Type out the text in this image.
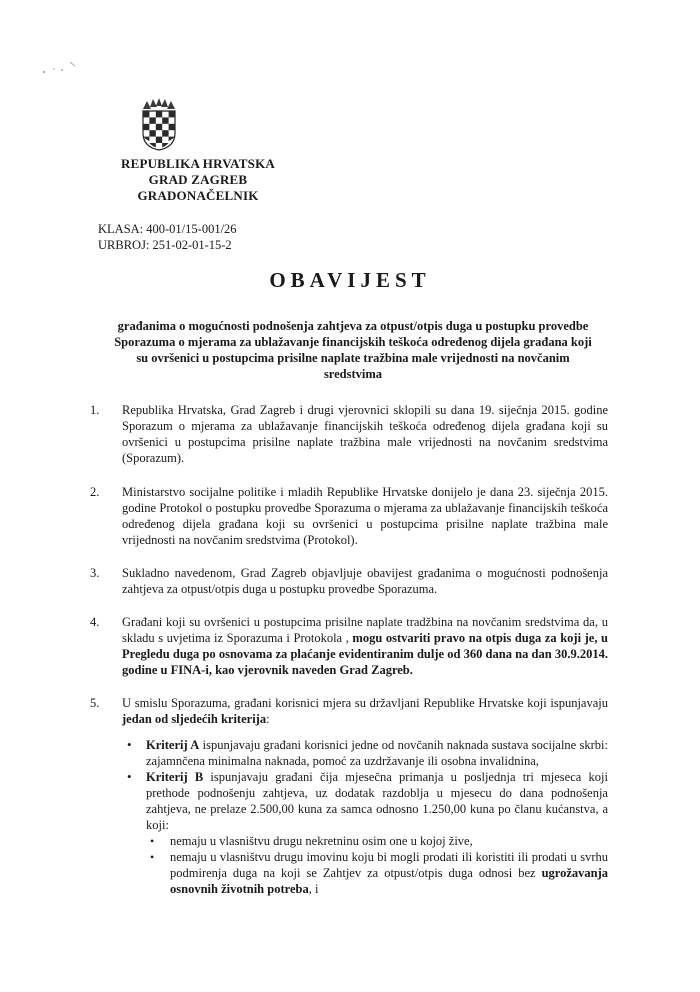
REPUBLIKA HRVATSKA
GRAD ZAGREB
GRADONAČELNIK
KLASA: 400-01/15-001/26
URBROJ: 251-02-01-15-2
OBAVIJEST
građanima o mogućnosti podnošenja zahtjeva za otpust/otpis duga u postupku provedbe Sporazuma o mjerama za ublažavanje financijskih teškoća određenog dijela građana koji su ovršenici u postupcima prisilne naplate tražbina male vrijednosti na novčanim sredstvima
1. Republika Hrvatska, Grad Zagreb i drugi vjerovnici sklopili su dana 19. siječnja 2015. godine Sporazum o mjerama za ublažavanje financijskih teškoća određenog dijela građana koji su ovršenici u postupcima prisilne naplate tražbina male vrijednosti na novčanim sredstvima (Sporazum).
2. Ministarstvo socijalne politike i mladih Republike Hrvatske donijelo je dana 23. siječnja 2015. godine Protokol o postupku provedbe Sporazuma o mjerama za ublažavanje financijskih teškoća određenog dijela građana koji su ovršenici u postupcima prisilne naplate tražbina male vrijednosti na novčanim sredstvima (Protokol).
3. Sukladno navedenom, Grad Zagreb objavljuje obavijest građanima o mogućnosti podnošenja zahtjeva za otpust/otpis duga u postupku provedbe Sporazuma.
4. Građani koji su ovršenici u postupcima prisilne naplate tradžbina na novčanim sredstvima da, u skladu s uvjetima iz Sporazuma i Protokola , mogu ostvariti pravo na otpis duga za koji je, u Pregledu duga po osnovama za plaćanje evidentiranim dulje od 360 dana na dan 30.9.2014. godine u FINA-i, kao vjerovnik naveden Grad Zagreb.
5. U smislu Sporazuma, građani korisnici mjera su državljani Republike Hrvatske koji ispunjavaju jedan od sljedećih kriterija:
• Kriterij A ispunjavaju građani korisnici jedne od novčanih naknada sustava socijalne skrbi: zajamnčena minimalna naknada, pomoć za uzdržavanje ili osobna invalidnina,
• Kriterij B ispunjavaju građani čija mjesečna primanja u posljednja tri mjeseca koji prethode podnošenju zahtjeva, uz dodatak razdoblja u mjesecu do dana podnošenja zahtjeva, ne prelaze 2.500,00 kuna za samca odnosno 1.250,00 kuna po članu kućanstva, a koji:
• nemaju u vlasništvu drugu nekretninu osim one u kojoj žive,
• nemaju u vlasništvu drugu imovinu koju bi mogli prodati ili koristiti ili prodati u svrhu podmirenja duga na koji se Zahtjev za otpust/otpis duga odnosi bez ugrožavanja osnovnih životnih potreba, i
